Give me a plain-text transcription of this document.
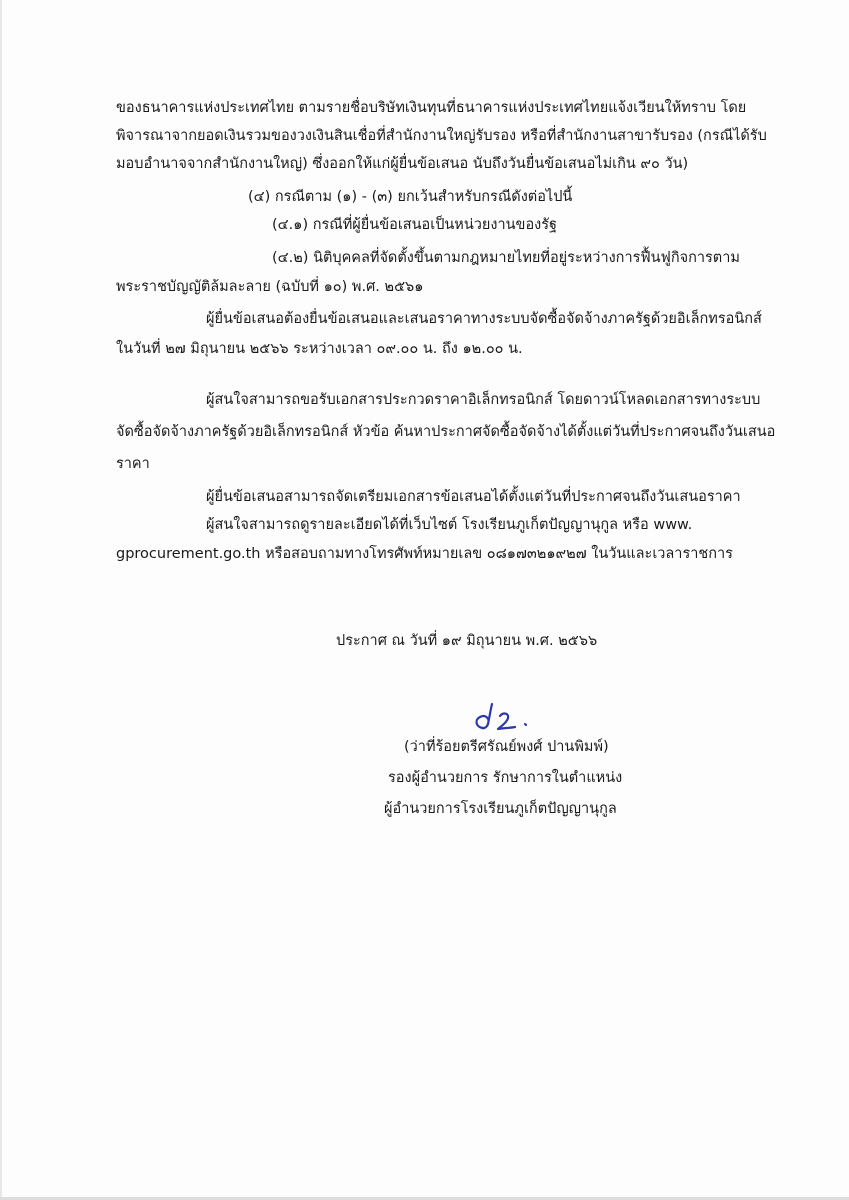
ของธนาคารแห่งประเทศไทย ตามรายชื่อบริษัทเงินทุนที่ธนาคารแห่งประเทศไทยแจ้งเวียนให้ทราบ โดย
พิจารณาจากยอดเงินรวมของวงเงินสินเชื่อที่สำนักงานใหญ่รับรอง หรือที่สำนักงานสาขารับรอง (กรณีได้รับ
มอบอำนาจจากสำนักงานใหญ่) ซึ่งออกให้แก่ผู้ยื่นข้อเสนอ นับถึงวันยื่นข้อเสนอไม่เกิน ๙๐ วัน)
(๔) กรณีตาม (๑) - (๓) ยกเว้นสำหรับกรณีดังต่อไปนี้
(๔.๑) กรณีที่ผู้ยื่นข้อเสนอเป็นหน่วยงานของรัฐ
(๔.๒) นิติบุคคลที่จัดตั้งขึ้นตามกฎหมายไทยที่อยู่ระหว่างการฟื้นฟูกิจการตาม
พระราชบัญญัติล้มละลาย (ฉบับที่ ๑๐) พ.ศ. ๒๕๖๑
ผู้ยื่นข้อเสนอต้องยื่นข้อเสนอและเสนอราคาทางระบบจัดซื้อจัดจ้างภาครัฐด้วยอิเล็กทรอนิกส์
ในวันที่ ๒๗ มิถุนายน ๒๕๖๖ ระหว่างเวลา ๐๙.๐๐ น. ถึง ๑๒.๐๐ น.
ผู้สนใจสามารถขอรับเอกสารประกวดราคาอิเล็กทรอนิกส์ โดยดาวน์โหลดเอกสารทางระบบ
จัดซื้อจัดจ้างภาครัฐด้วยอิเล็กทรอนิกส์ หัวข้อ ค้นหาประกาศจัดซื้อจัดจ้างได้ตั้งแต่วันที่ประกาศจนถึงวันเสนอ
ราคา
ผู้ยื่นข้อเสนอสามารถจัดเตรียมเอกสารข้อเสนอได้ตั้งแต่วันที่ประกาศจนถึงวันเสนอราคา
ผู้สนใจสามารถดูรายละเอียดได้ที่เว็บไซต์ โรงเรียนภูเก็ตปัญญานุกูล หรือ www.
gprocurement.go.th หรือสอบถามทางโทรศัพท์หมายเลข ๐๘๑๗๓๒๑๙๒๗ ในวันและเวลาราชการ
ประกาศ ณ วันที่ ๑๙ มิถุนายน พ.ศ. ๒๕๖๖
(ว่าที่ร้อยตรีศรัณย์พงศ์ ปานพิมพ์)
รองผู้อำนวยการ รักษาการในตำแหน่ง
ผู้อำนวยการโรงเรียนภูเก็ตปัญญานุกูล
